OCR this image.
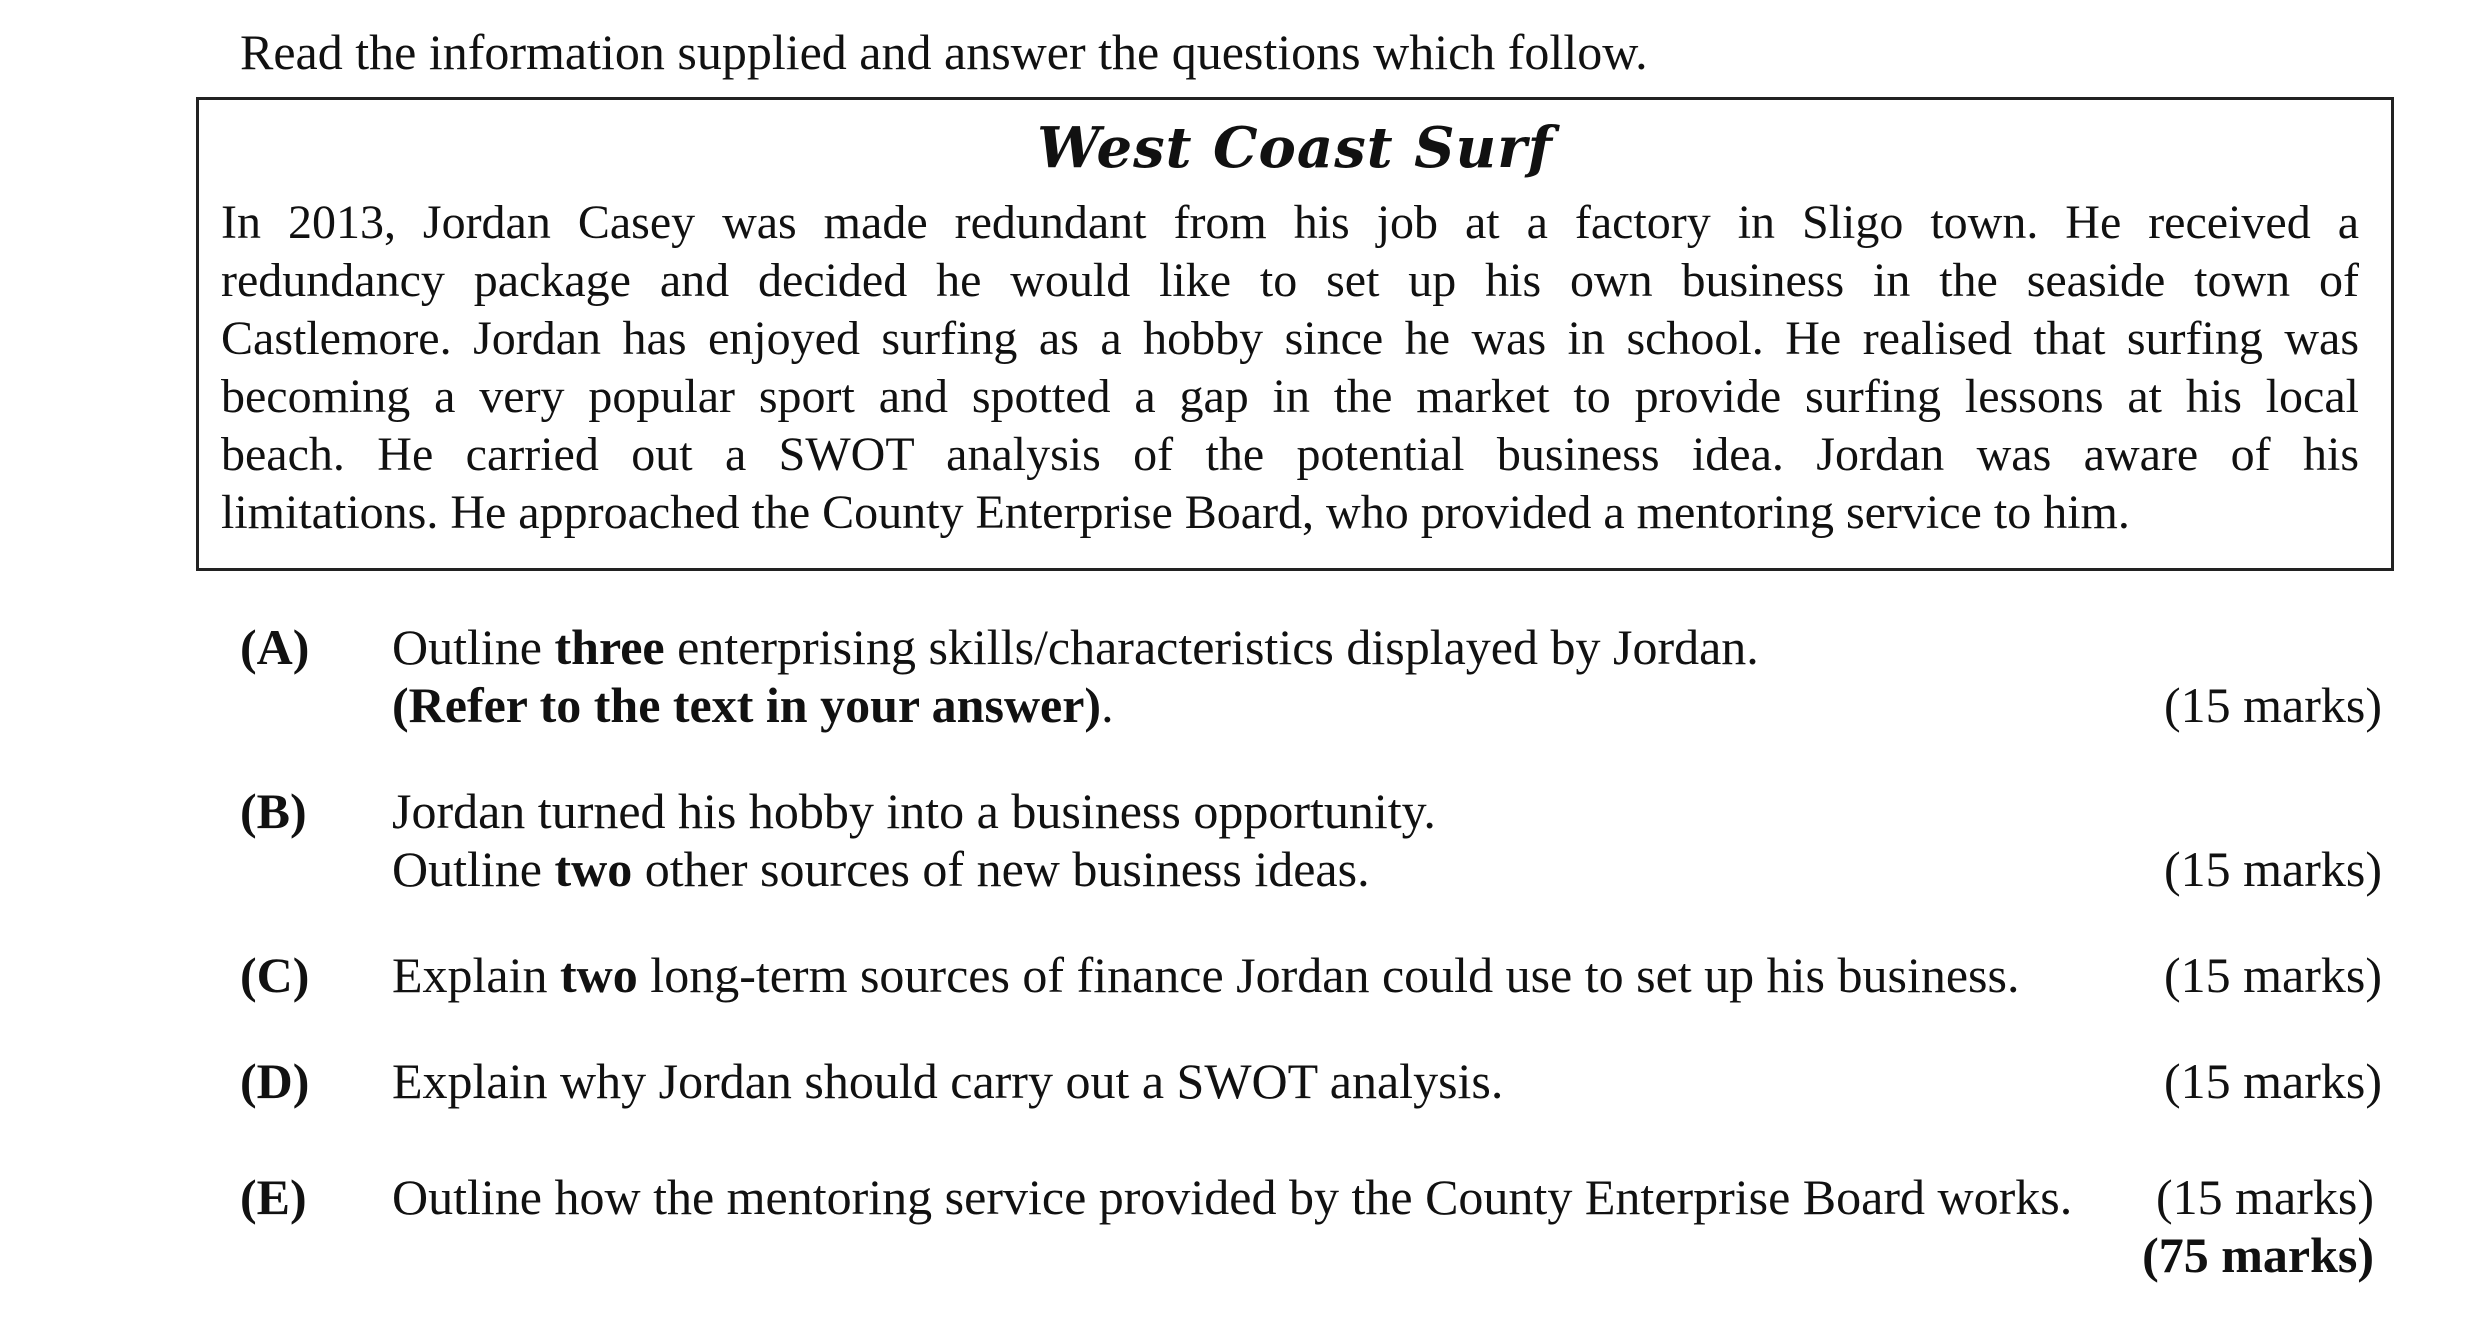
Read the information supplied and answer the questions which follow.
West Coast Surf
In 2013, Jordan Casey was made redundant from his job at a factory in Sligo town. He received a
redundancy package and decided he would like to set up his own business in the seaside town of
Castlemore. Jordan has enjoyed surfing as a hobby since he was in school. He realised that surfing was
becoming a very popular sport and spotted a gap in the market to provide surfing lessons at his local
beach. He carried out a SWOT analysis of the potential business idea. Jordan was aware of his
limitations. He approached the County Enterprise Board, who provided a mentoring service to him.
(A) Outline three enterprising skills/characteristics displayed by Jordan.
(Refer to the text in your answer).	(15 marks)
(B) Jordan turned his hobby into a business opportunity.
Outline two other sources of new business ideas.	(15 marks)
(C) Explain two long-term sources of finance Jordan could use to set up his business.	(15 marks)
(D) Explain why Jordan should carry out a SWOT analysis.	(15 marks)
(E) Outline how the mentoring service provided by the County Enterprise Board works. (15 marks)
(75 marks)
